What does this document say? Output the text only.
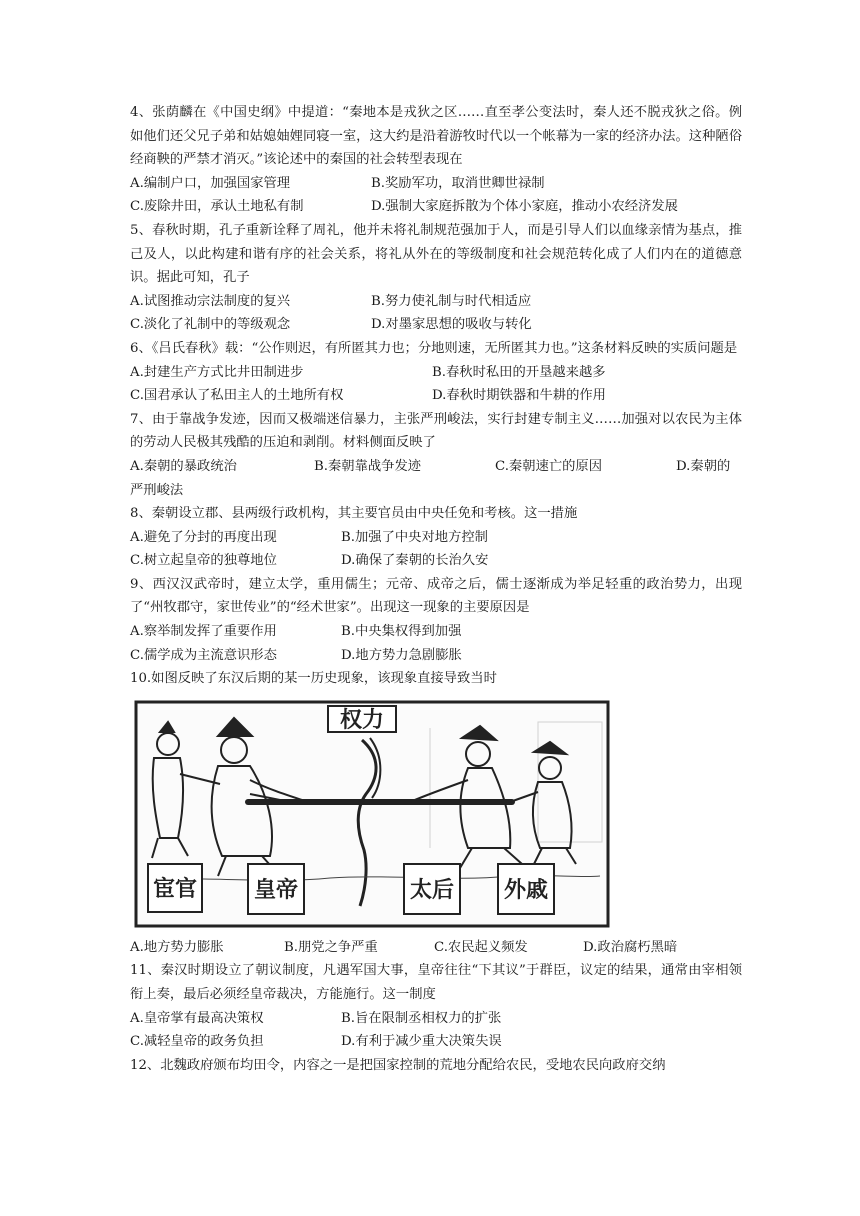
4、张荫麟在《中国史纲》中提道：“秦地本是戎狄之区……直至孝公变法时，秦人还不脱戎狄之俗。例如他们还父兄子弟和姑媳妯娌同寝一室，这大约是沿着游牧时代以一个帐幕为一家的经济办法。这种陋俗经商鞅的严禁才消灭。”该论述中的秦国的社会转型表现在

A.编制户口，加强国家管理	B.奖励军功，取消世卿世禄制
C.废除井田，承认土地私有制	D.强制大家庭拆散为个体小家庭，推动小农经济发展

5、春秋时期，孔子重新诠释了周礼，他并未将礼制规范强加于人，而是引导人们以血缘亲情为基点，推己及人，以此构建和谐有序的社会关系，将礼从外在的等级制度和社会规范转化成了人们内在的道德意识。据此可知，孔子

A.试图推动宗法制度的复兴	B.努力使礼制与时代相适应
C.淡化了礼制中的等级观念	D.对墨家思想的吸收与转化

6、《吕氏春秋》载：“公作则迟，有所匿其力也；分地则速，无所匿其力也。”这条材料反映的实质问题是

A.封建生产方式比井田制进步	B.春秋时私田的开垦越来越多
C.国君承认了私田主人的土地所有权	D.春秋时期铁器和牛耕的作用

7、由于靠战争发迹，因而又极端迷信暴力，主张严刑峻法，实行封建专制主义……加强对以农民为主体的劳动人民极其残酷的压迫和剥削。材料侧面反映了

A.秦朝的暴政统治	B.秦朝靠战争发迹	C.秦朝速亡的原因	D.秦朝的严刑峻法

8、秦朝设立郡、县两级行政机构，其主要官员由中央任免和考核。这一措施

A.避免了分封的再度出现	B.加强了中央对地方控制
C.树立起皇帝的独尊地位	D.确保了秦朝的长治久安

9、西汉汉武帝时，建立太学，重用儒生；元帝、成帝之后，儒士逐渐成为举足轻重的政治势力，出现了“州牧郡守，家世传业”的“经术世家”。出现这一现象的主要原因是

A.察举制发挥了重要作用	B.中央集权得到加强
C.儒学成为主流意识形态	D.地方势力急剧膨胀

10.如图反映了东汉后期的某一历史现象，该现象直接导致当时

权力
宦官	皇帝	太后 外戚
A.地方势力膨胀	B.朋党之争严重	C.农民起义频发	D.政治腐朽黑暗

11、秦汉时期设立了朝议制度，凡遇军国大事，皇帝往往“下其议”于群臣，议定的结果，通常由宰相领衔上奏，最后必须经皇帝裁决，方能施行。这一制度

A.皇帝掌有最高决策权	B.旨在限制丞相权力的扩张
C.减轻皇帝的政务负担	D.有利于减少重大决策失误

12、北魏政府颁布均田令，内容之一是把国家控制的荒地分配给农民，受地农民向政府交纳
